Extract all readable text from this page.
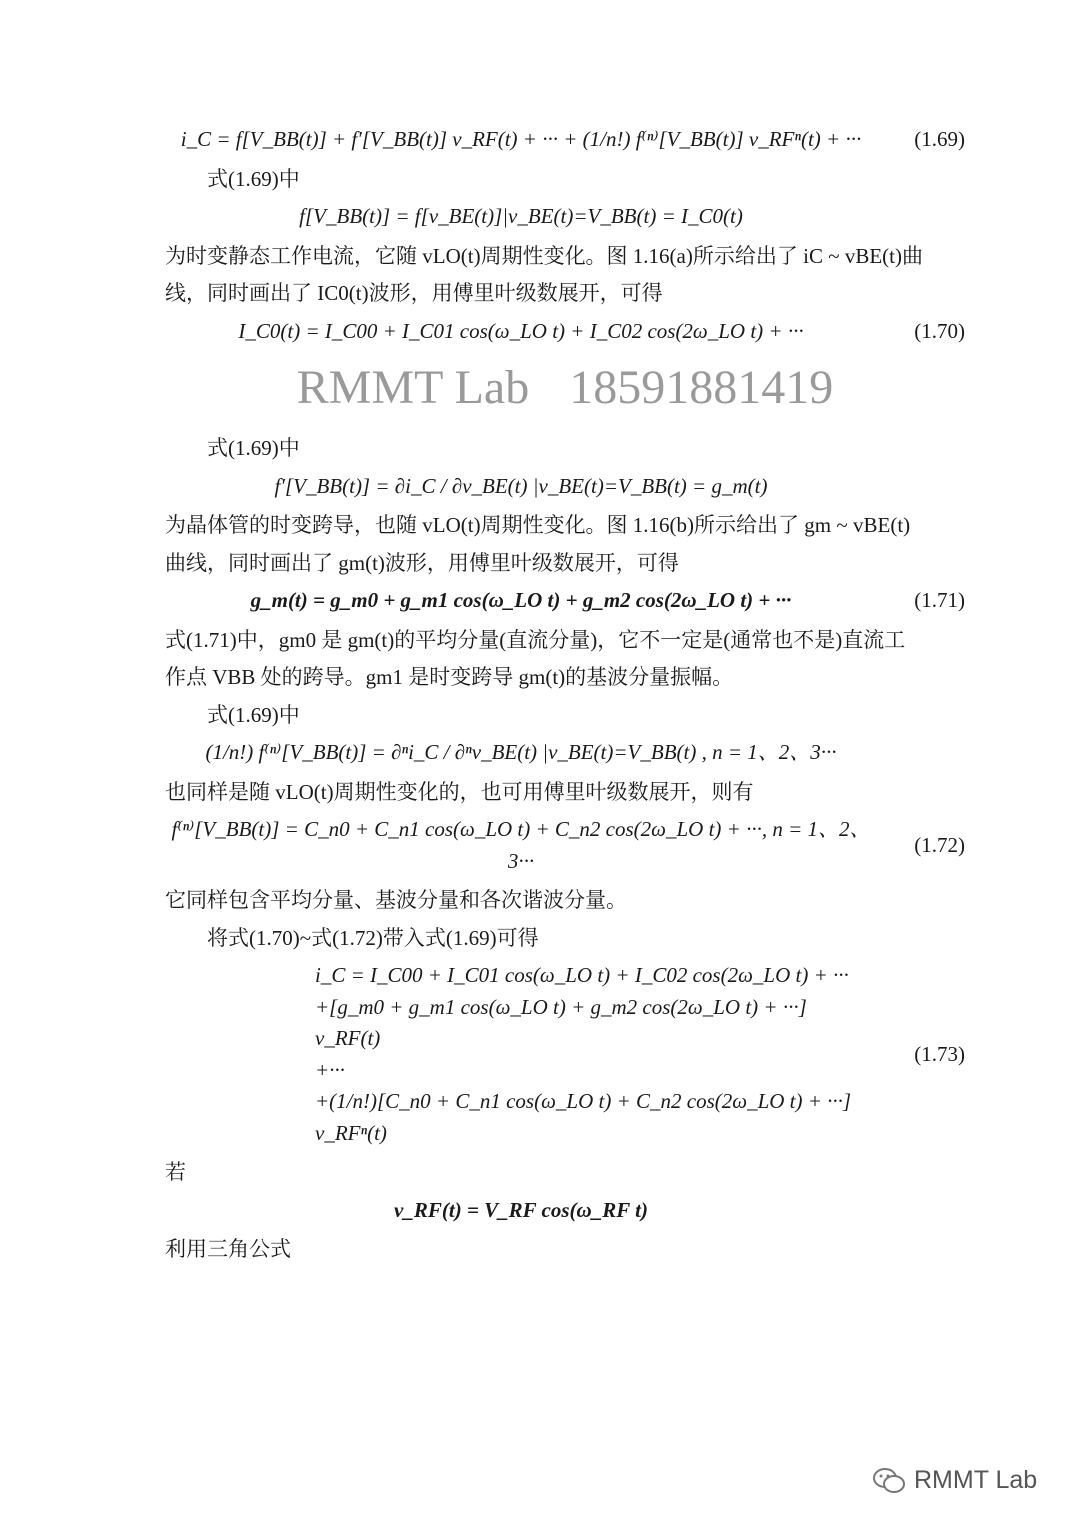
i_C = f[V_BB(t)] + f′[V_BB(t)] v_RF(t) + ··· + (1/n!) f⁽ⁿ⁾[V_BB(t)] v_RFⁿ(t) + ···	(1.69)
式(1.69)中
f[V_BB(t)] = f[v_BE(t)]|v_BE(t)=V_BB(t) = I_C0(t)
为时变静态工作电流，它随 vLO(t)周期性变化。图 1.16(a)所示给出了 iC ~ vBE(t)曲
线，同时画出了 IC0(t)波形，用傅里叶级数展开，可得
I_C0(t) = I_C00 + I_C01 cos(ω_LO t) + I_C02 cos(2ω_LO t) + ···	(1.70)
RMMT Lab 18591881419
式(1.69)中
f′[V_BB(t)] = ∂i_C / ∂v_BE(t) |v_BE(t)=V_BB(t) = g_m(t)
为晶体管的时变跨导，也随 vLO(t)周期性变化。图 1.16(b)所示给出了 gm ~ vBE(t)
曲线，同时画出了 gm(t)波形，用傅里叶级数展开，可得
g_m(t) = g_m0 + g_m1 cos(ω_LO t) + g_m2 cos(2ω_LO t) + ···	(1.71)
式(1.71)中，gm0 是 gm(t)的平均分量(直流分量)，它不一定是(通常也不是)直流工
作点 VBB 处的跨导。gm1 是时变跨导 gm(t)的基波分量振幅。
式(1.69)中
(1/n!) f⁽ⁿ⁾[V_BB(t)] = ∂ⁿi_C / ∂ⁿv_BE(t) |v_BE(t)=V_BB(t) , n = 1、2、3···
也同样是随 vLO(t)周期性变化的，也可用傅里叶级数展开，则有
f⁽ⁿ⁾[V_BB(t)] = C_n0 + C_n1 cos(ω_LO t) + C_n2 cos(2ω_LO t) + ···, n = 1、2、3···
(1.72)
它同样包含平均分量、基波分量和各次谐波分量。
将式(1.70)~式(1.72)带入式(1.69)可得
i_C = I_C00 + I_C01 cos(ω_LO t) + I_C02 cos(2ω_LO t) + ···
+[g_m0 + g_m1 cos(ω_LO t) + g_m2 cos(2ω_LO t) + ···] v_RF(t)
+···
+(1/n!)[C_n0 + C_n1 cos(ω_LO t) + C_n2 cos(2ω_LO t) + ···] v_RFⁿ(t)
(1.73)
若
v_RF(t) = V_RF cos(ω_RF t)
利用三角公式
RMMT Lab
